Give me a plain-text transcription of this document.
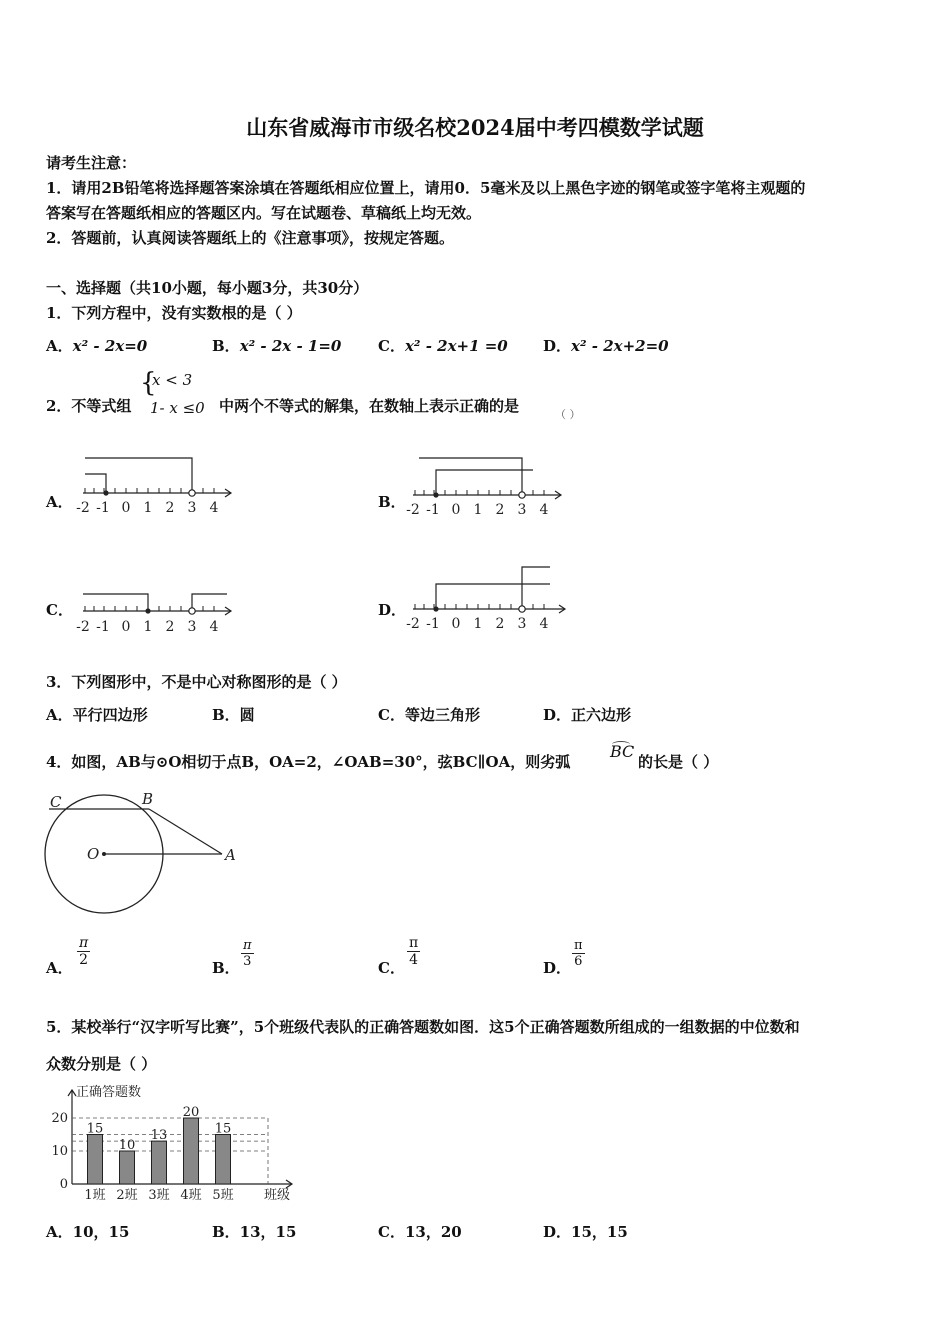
山东省威海市市级名校2024届中考四模数学试题
请考生注意：
1．请用2B铅笔将选择题答案涂填在答题纸相应位置上，请用0．5毫米及以上黑色字迹的钢笔或签字笔将主观题的
答案写在答题纸相应的答题区内。写在试题卷、草稿纸上均无效。
2．答题前，认真阅读答题纸上的《注意事项》，按规定答题。
一、选择题（共10小题，每小题3分，共30分）
1．下列方程中，没有实数根的是（ ）
A．x² - 2x=0	B．x² - 2x - 1=0 C．x² - 2x+1 =0 D．x² - 2x+2=0
2．不等式组
{
x < 3
1- x ≤0 中两个不等式的解集，在数轴上表示正确的是	（ ）
A．	B．
C．	D．
-2 -1 0 1 2 3 4	-2 -1 0 1 2 3 4
-2 -1 0 1 2 3 4	-2 -1 0 1 2 3 4
3．下列图形中，不是中心对称图形的是（ ）
A．平行四边形	B．圆	C．等边三角形	D．正六边形
4．如图，AB与⊙O相切于点B，OA=2，∠OAB=30°，弦BC∥OA，则劣弧
BC
的长是（ ）
C	B
O	A
A．
π
2	B．
π
3	C．
π
4	D．
π
6
5．某校举行“汉字听写比赛”，5个班级代表队的正确答题数如图．这5个正确答题数所组成的一组数据的中位数和
众数分别是（ ）
正确答题数
班级
0
10
20
15
1班
10
2班
13
3班
20
4班
15
5班
A．10，15	B．13，15	C．13，20	D．15，15
